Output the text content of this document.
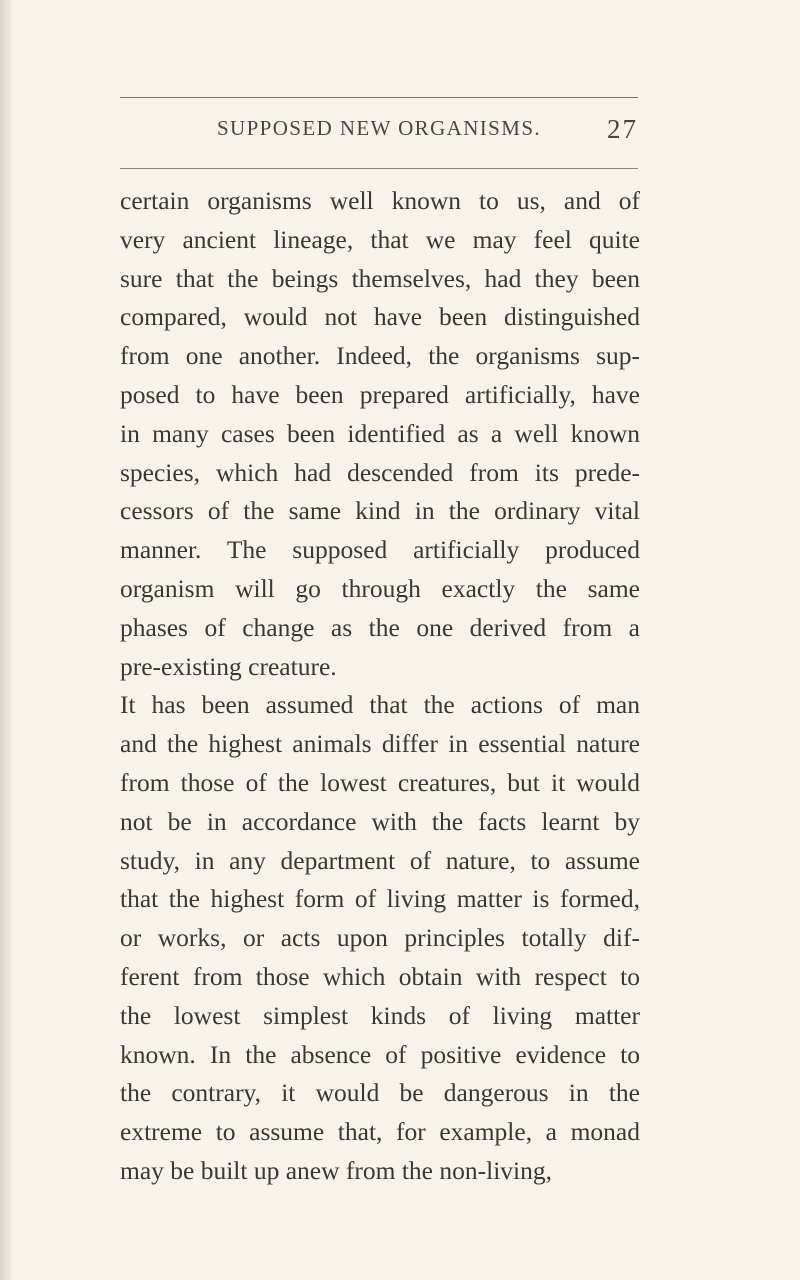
SUPPOSED NEW ORGANISMS.	27
certain organisms well known to us, and of
very ancient lineage, that we may feel quite
sure that the beings themselves, had they been
compared, would not have been distinguished
from one another. Indeed, the organisms sup-
posed to have been prepared artificially, have
in many cases been identified as a well known
species, which had descended from its prede-
cessors of the same kind in the ordinary vital
manner. The supposed artificially produced
organism will go through exactly the same
phases of change as the one derived from a
pre-existing creature.
It has been assumed that the actions of man
and the highest animals differ in essential nature
from those of the lowest creatures, but it would
not be in accordance with the facts learnt by
study, in any department of nature, to assume
that the highest form of living matter is formed,
or works, or acts upon principles totally dif-
ferent from those which obtain with respect to
the lowest simplest kinds of living matter
known. In the absence of positive evidence to
the contrary, it would be dangerous in the
extreme to assume that, for example, a monad
may be built up anew from the non-living,
